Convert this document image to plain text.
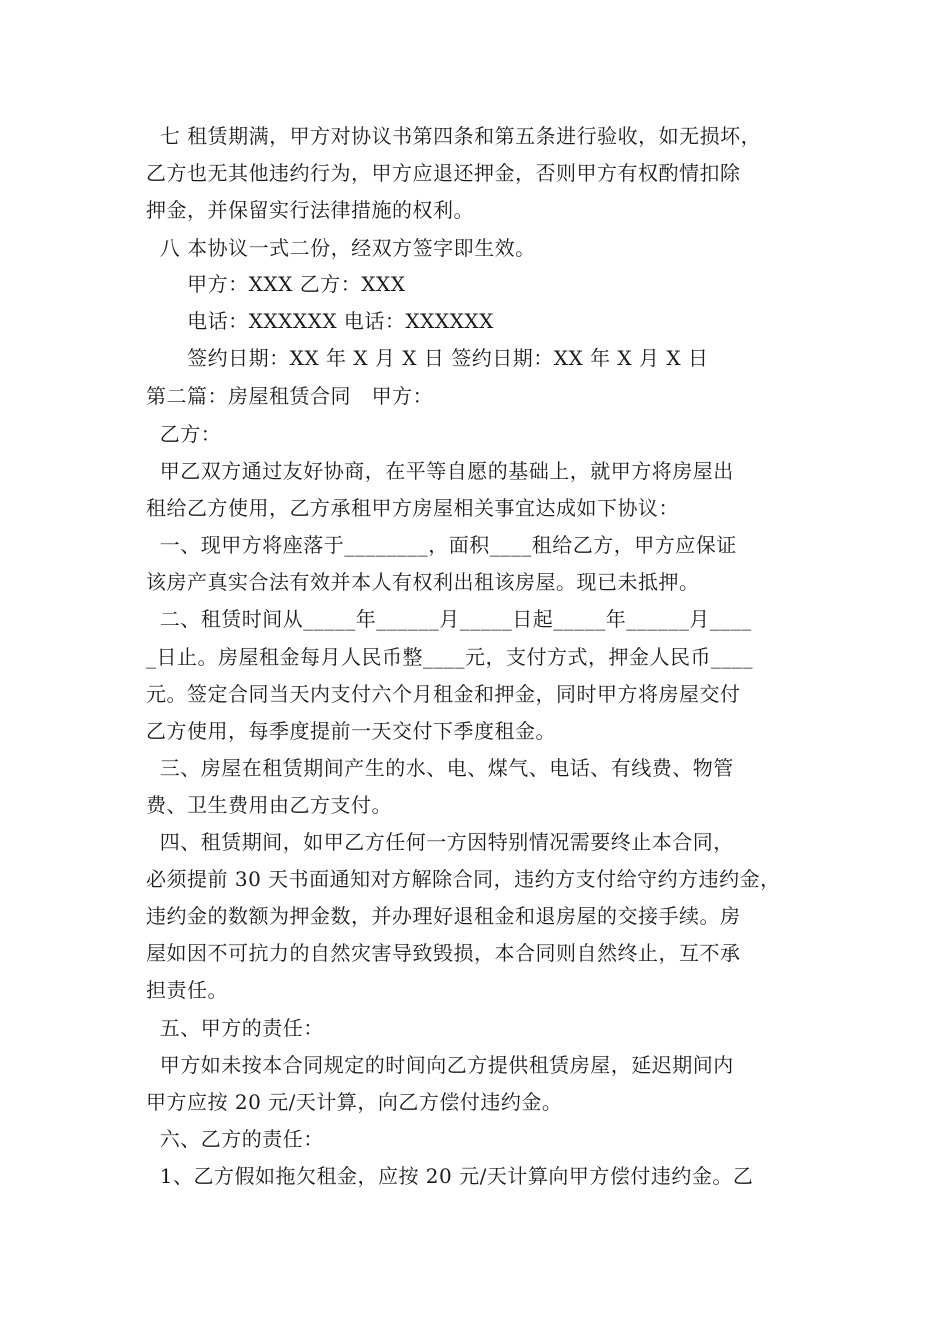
七 租赁期满，甲方对协议书第四条和第五条进行验收，如无损坏，
乙方也无其他违约行为，甲方应退还押金，否则甲方有权酌情扣除
押金，并保留实行法律措施的权利。
八 本协议一式二份，经双方签字即生效。
甲方：XXX 乙方：XXX
电话：XXXXXX 电话：XXXXXX
签约日期：XX 年 X 月 X 日 签约日期：XX 年 X 月 X 日
第二篇：房屋租赁合同   甲方：
乙方：
甲乙双方通过友好协商，在平等自愿的基础上，就甲方将房屋出
租给乙方使用，乙方承租甲方房屋相关事宜达成如下协议：
一、现甲方将座落于________，面积____租给乙方，甲方应保证
该房产真实合法有效并本人有权利出租该房屋。现已未抵押。
二、租赁时间从_____年______月_____日起_____年______月____
_日止。房屋租金每月人民币整____元，支付方式，押金人民币____
元。签定合同当天内支付六个月租金和押金，同时甲方将房屋交付
乙方使用，每季度提前一天交付下季度租金。
三、房屋在租赁期间产生的水、电、煤气、电话、有线费、物管
费、卫生费用由乙方支付。
四、租赁期间，如甲乙方任何一方因特别情况需要终止本合同，
必须提前 30 天书面通知对方解除合同，违约方支付给守约方违约金，
违约金的数额为押金数，并办理好退租金和退房屋的交接手续。房
屋如因不可抗力的自然灾害导致毁损，本合同则自然终止，互不承
担责任。
五、甲方的责任：
甲方如未按本合同规定的时间向乙方提供租赁房屋，延迟期间内
甲方应按 20 元/天计算，向乙方偿付违约金。
六、乙方的责任：
1、乙方假如拖欠租金，应按 20 元/天计算向甲方偿付违约金。乙
